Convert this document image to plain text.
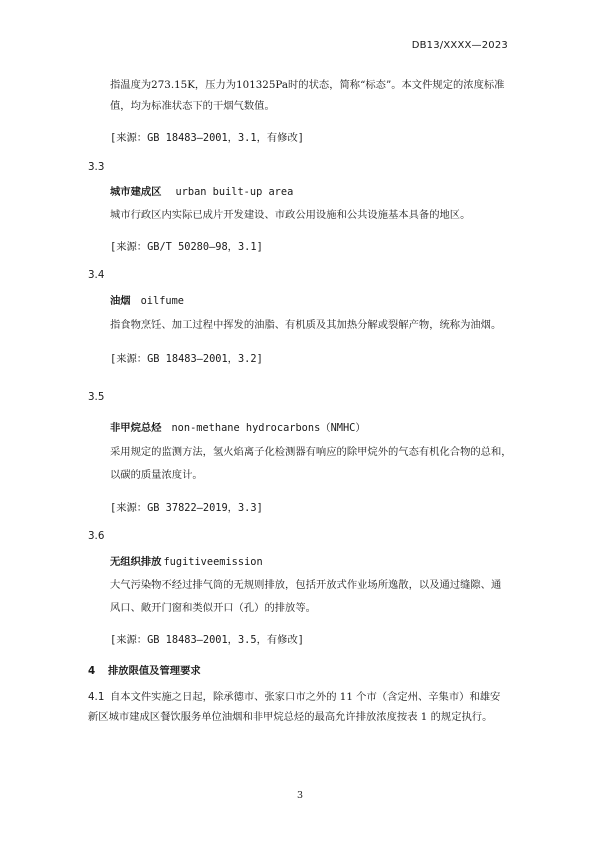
DB13/XXXX—2023
指温度为273.15K，压力为101325Pa时的状态，简称“标态”。本文件规定的浓度标准
值，均为标准状态下的干烟气数值。
[来源：GB 18483—2001，3.1，有修改]
3.3
城市建成区 urban built-up area
城市行政区内实际已成片开发建设、市政公用设施和公共设施基本具备的地区。
[来源：GB/T 50280—98，3.1]
3.4
油烟 oilfume
指食物烹饪、加工过程中挥发的油脂、有机质及其加热分解或裂解产物，统称为油烟。
[来源：GB 18483—2001，3.2]
3.5
非甲烷总烃 non-methane hydrocarbons（NMHC）
采用规定的监测方法，氢火焰离子化检测器有响应的除甲烷外的气态有机化合物的总和，
以碳的质量浓度计。
[来源：GB 37822—2019，3.3]
3.6
无组织排放 fugitiveemission
大气污染物不经过排气筒的无规则排放，包括开放式作业场所逸散，以及通过缝隙、通
风口、敞开门窗和类似开口（孔）的排放等。
[来源：GB 18483—2001，3.5，有修改]
4 排放限值及管理要求
4.1 自本文件实施之日起，除承德市、张家口市之外的 11 个市（含定州、辛集市）和雄安
新区城市建成区餐饮服务单位油烟和非甲烷总烃的最高允许排放浓度按表 1 的规定执行。
3
